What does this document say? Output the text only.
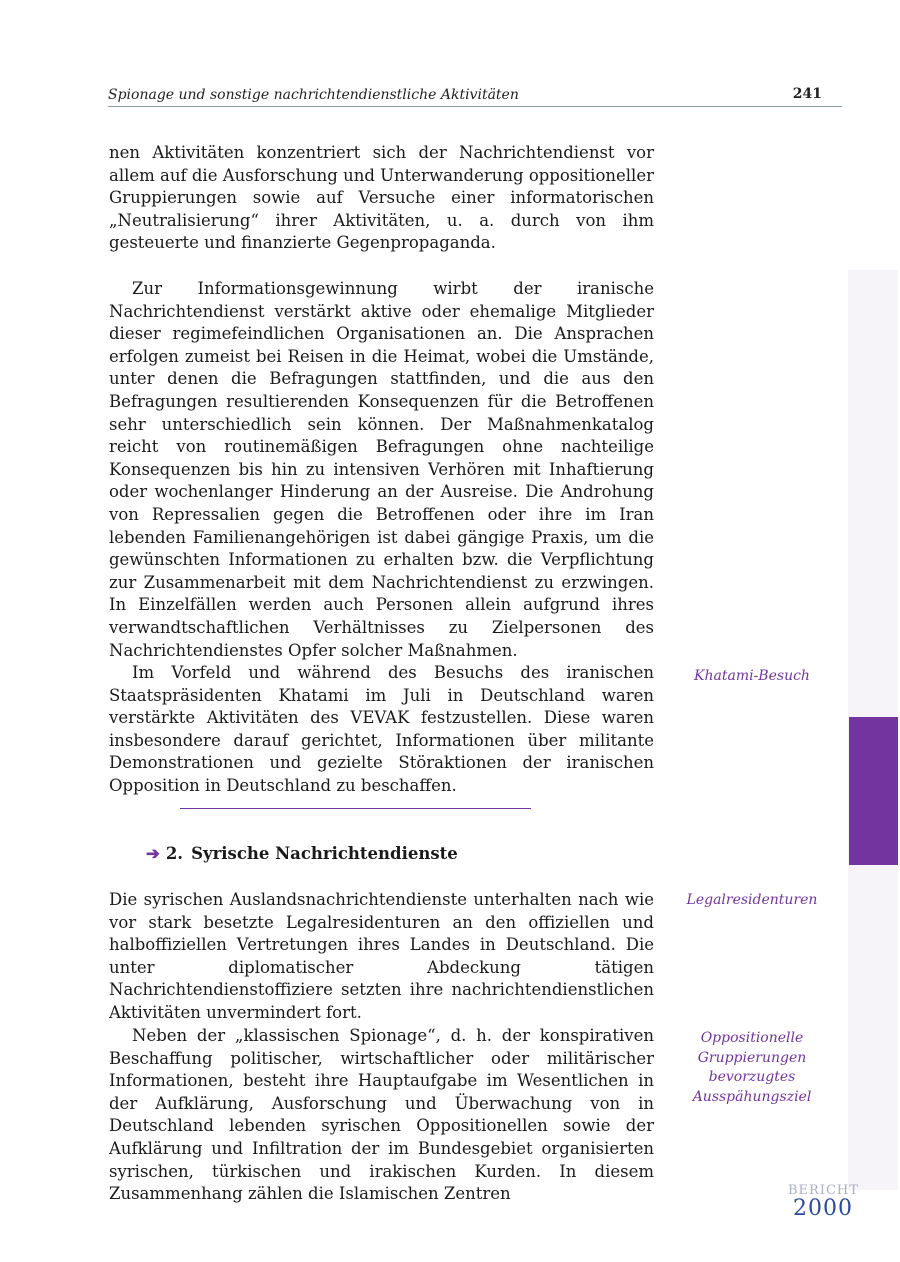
Spionage und sonstige nachrichtendienstliche Aktivitäten	241

nen Aktivitäten konzentriert sich der Nachrichtendienst vor allem auf die Ausforschung und Unterwanderung oppositioneller Gruppierungen sowie auf Versuche einer informatorischen „Neutralisierung“ ihrer Aktivitäten, u. a. durch von ihm gesteuerte und finanzierte Gegenpropaganda.

Zur Informationsgewinnung wirbt der iranische Nachrichtendienst verstärkt aktive oder ehemalige Mitglieder dieser regimefeindlichen Organisationen an. Die Ansprachen erfolgen zumeist bei Reisen in die Heimat, wobei die Umstände, unter denen die Befragungen stattfinden, und die aus den Befragungen resultierenden Konsequenzen für die Betroffenen sehr unterschiedlich sein können. Der Maßnahmenkatalog reicht von routinemäßigen Befragungen ohne nachteilige Konsequenzen bis hin zu intensiven Verhören mit Inhaftierung oder wochenlanger Hinderung an der Ausreise. Die Androhung von Repressalien gegen die Betroffenen oder ihre im Iran lebenden Familienangehörigen ist dabei gängige Praxis, um die gewünschten Informationen zu erhalten bzw. die Verpflichtung zur Zusammenarbeit mit dem Nachrichtendienst zu erzwingen. In Einzelfällen werden auch Personen allein aufgrund ihres verwandtschaftlichen Verhältnisses zu Zielpersonen des Nachrichtendienstes Opfer solcher Maßnahmen.

Im Vorfeld und während des Besuchs des iranischen Staatspräsidenten Khatami im Juli in Deutschland waren verstärkte Aktivitäten des VEVAK festzustellen. Diese waren insbesondere darauf gerichtet, Informationen über militante Demonstrationen und gezielte Störaktionen der iranischen Opposition in Deutschland zu beschaffen.

Khatami-Besuch
➔ 2. Syrische Nachrichtendienste

Die syrischen Auslandsnachrichtendienste unterhalten nach wie vor stark besetzte Legalresidenturen an den offiziellen und halboffiziellen Vertretungen ihres Landes in Deutschland. Die unter diplomatischer Abdeckung tätigen Nachrichtendienstoffiziere setzten ihre nachrichtendienstlichen Aktivitäten unvermindert fort.

Legalresidenturen

Neben der „klassischen Spionage“, d. h. der konspirativen Beschaffung politischer, wirtschaftlicher oder militärischer Informationen, besteht ihre Hauptaufgabe im Wesentlichen in der Aufklärung, Ausforschung und Überwachung von in Deutschland lebenden syrischen Oppositionellen sowie der Aufklärung und Infiltration der im Bundesgebiet organisierten syrischen, türkischen und irakischen Kurden. In diesem Zusammenhang zählen die Islamischen Zentren

Oppositionelle Gruppierungen bevorzugtes Ausspähungsziel
BERICHT
2000
